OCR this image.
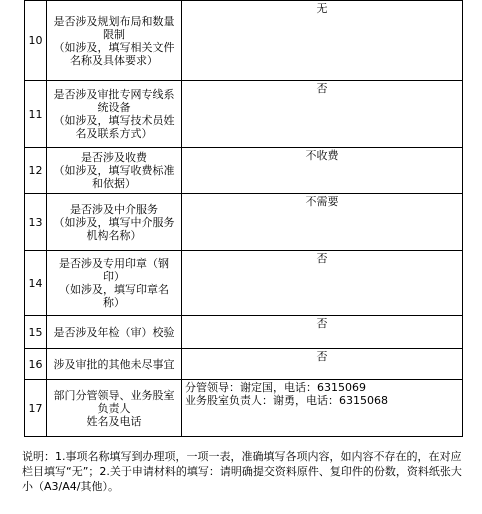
10	是否涉及规划布局和数量
限制
（如涉及，填写相关文件
名称及具体要求）	无
11	是否涉及审批专网专线系
统设备
（如涉及，填写技术员姓
名及联系方式）	否
12	是否涉及收费
（如涉及，填写收费标准
和依据）	不收费
13	是否涉及中介服务
（如涉及，填写中介服务
机构名称）	不需要
14	是否涉及专用印章（钢
印）
（如涉及，填写印章名
称）	否
15	是否涉及年检（审）校验	否
16	涉及审批的其他未尽事宜	否
17	部门分管领导、业务股室
负责人
姓名及电话	分管领导：谢定国，电话：6315069
业务股室负责人：谢勇，电话：6315068
说明：1.事项名称填写到办理项，一项一表，准确填写各项内容，如内容不存在的，在对应栏目填写“无”；2.关于申请材料的填写：请明确提交资料原件、复印件的份数，资料纸张大小（A3/A4/其他）。
